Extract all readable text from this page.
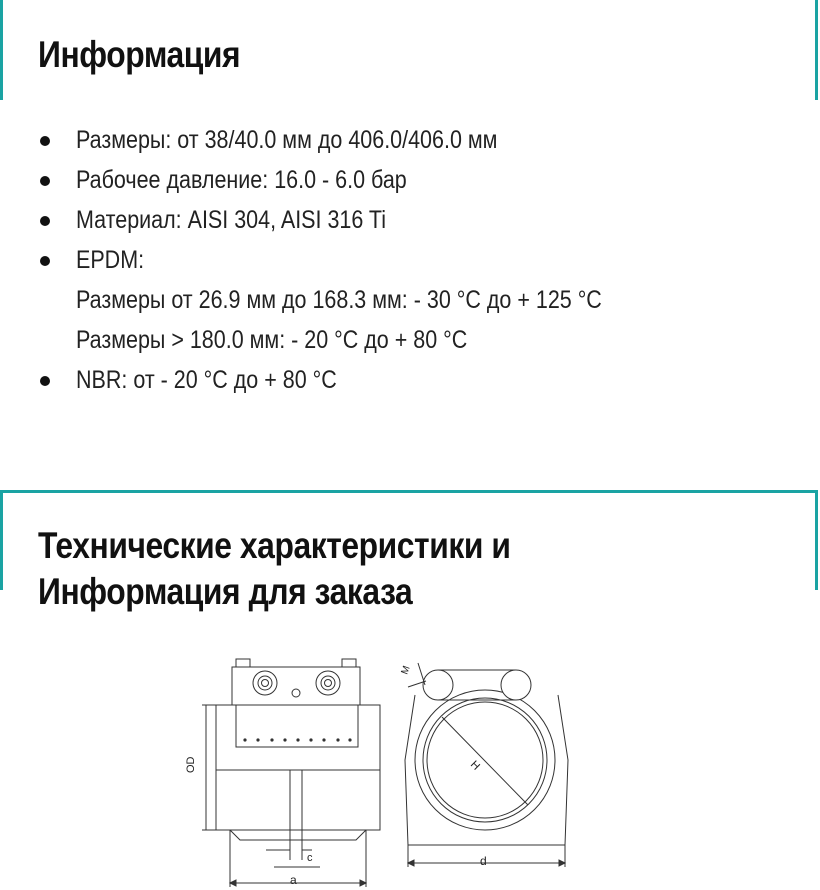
Информация
Размеры: от 38/40.0 мм до 406.0/406.0 мм
Рабочее давление: 16.0 - 6.0 бар
Материал: AISI 304, AISI 316 Ti
EPDM:
Размеры от 26.9 мм до 168.3 мм: - 30 °C до + 125 °C
Размеры > 180.0 мм: - 20 °C до + 80 °C
NBR: от - 20 °C до + 80 °C
Технические характеристики и
Информация для заказа
OD
a
c
H
d
M
